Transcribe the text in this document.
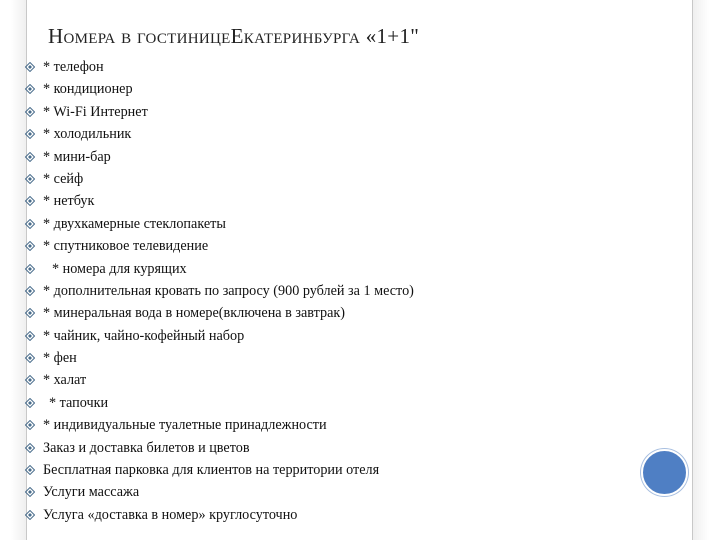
Номера в гостиницеЕкатеринбурга «1+1"
* телефон
* кондиционер
* Wi-Fi Интернет
* холодильник
* мини-бар
* сейф
* нетбук
* двухкамерные стеклопакеты
* спутниковое телевидение
* номера для курящих
* дополнительная кровать по запросу (900 рублей за 1 место)
* минеральная вода в номере(включена в завтрак)
* чайник, чайно-кофейный набор
* фен
* халат
* тапочки
* индивидуальные туалетные принадлежности
Заказ и доставка билетов и цветов
Бесплатная парковка для клиентов на территории отеля
Услуги массажа
Услуга «доставка в номер» круглосуточно
